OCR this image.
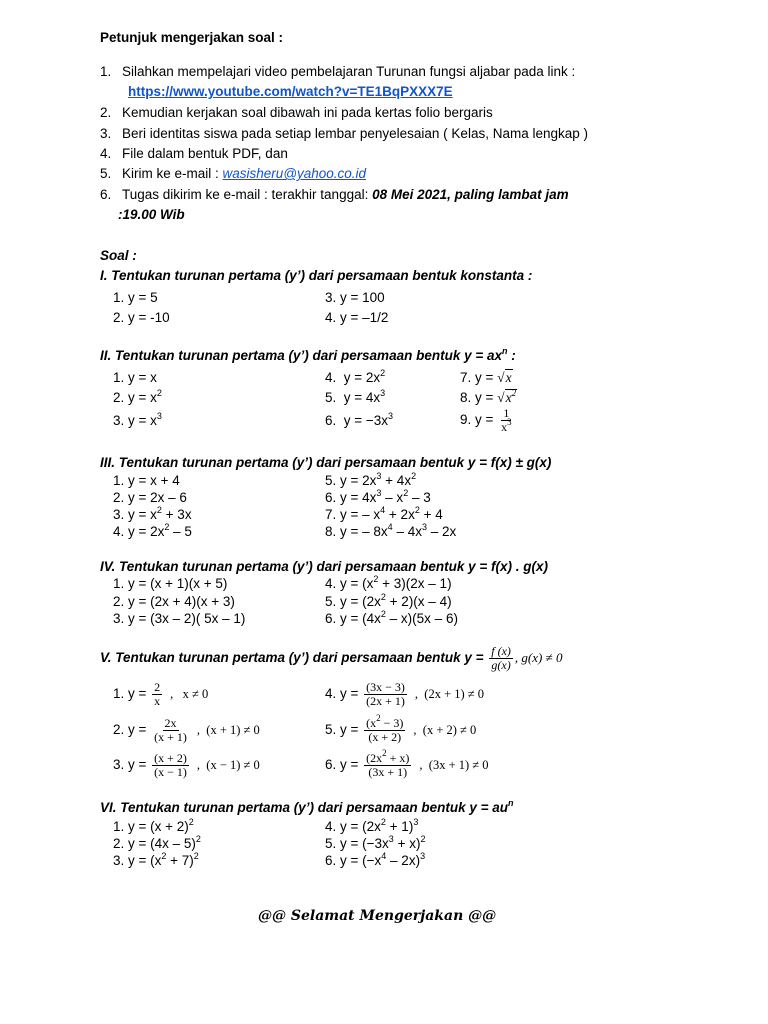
Petunjuk mengerjakan soal :
1. Silahkan mempelajari video pembelajaran Turunan fungsi aljabar pada link :
https://www.youtube.com/watch?v=TE1BqPXXX7E
2. Kemudian kerjakan soal dibawah ini pada kertas folio bergaris
3. Beri identitas siswa pada setiap lembar penyelesaian ( Kelas, Nama lengkap )
4. File dalam bentuk PDF, dan
5. Kirim ke e-mail : wasisheru@yahoo.co.id
6. Tugas dikirim ke e-mail : terakhir tanggal: 08 Mei 2021, paling lambat jam
:19.00 Wib
Soal :
I. Tentukan turunan pertama (y’) dari persamaan bentuk konstanta :
1. y = 5
2. y = -10
3. y = 100
4. y = –1/2
II. Tentukan turunan pertama (y’) dari persamaan bentuk $y = ax^n$ :
1. y = x
2. $y = x^2$
3. $y = x^3$
4.  $y = 2x^2$
5.  $y = 4x^3$
6.  $y = -3x^3$
7. y = √x
8. $y = √x^2$
9. $y = \frac{1}{x^3}$
III. Tentukan turunan pertama (y’) dari persamaan bentuk y = f(x) ± g(x)
1. y = x + 4
2. y = 2x – 6
3. $y = x^2 + 3x$
4. $y = 2x^2 - 5$
5. $y = 2x^3 + 4x^2$
6. $y = 4x^3 - x^2 - 3$
7. y = – $x^4 + 2x^2 + 4$
8. y = – $8x^4 - 4x^3 - 2x$
IV. Tentukan turunan pertama (y’) dari persamaan bentuk y = f(x) . g(x)
1. y = (x + 1)(x + 5)
2. y = (2x + 4)(x + 3)
3. y = (3x – 2)( 5x – 1)
4. $y = (x^2 + 3)(2x - 1)$
5. $y = (2x^2 + 2)(x - 4)$
6. $y = (4x^2 - x)(5x - 6)$
V. Tentukan turunan pertama (y’) dari persamaan bentuk $y = \frac{f (x)}{g(x)}$ , g(x) ≠ 0
1. $y = \frac{2}{x}$ ,   x ≠ 0
2. $y = \frac{2x}{(x + 1)}$ ,  (x + 1) ≠ 0
3. $y = \frac{(x + 2)}{(x - 1)}$ ,  (x − 1) ≠ 0
4. $y = \frac{(3x - 3)}{(2x + 1)}$ ,  (2x + 1) ≠ 0
5. $y = \frac{(x^2 - 3)}{(x + 2)}$ ,  (x + 2) ≠ 0
6. $y = \frac{(2x^2 + x)}{(3x + 1)}$ ,  (3x + 1) ≠ 0
VI. Tentukan turunan pertama (y’) dari persamaan bentuk $y = au^n$
1. $y = (x + 2)^2$
2. y = (4x – 5)$^2$
3. $y = (x^2 + 7)^2$
4. $y = (2x^2 + 1)^3$
5. $y = (-3x^3 + x)^2$
6. $y = (-x^4 - 2x)^3$
@@ Selamat Mengerjakan @@
